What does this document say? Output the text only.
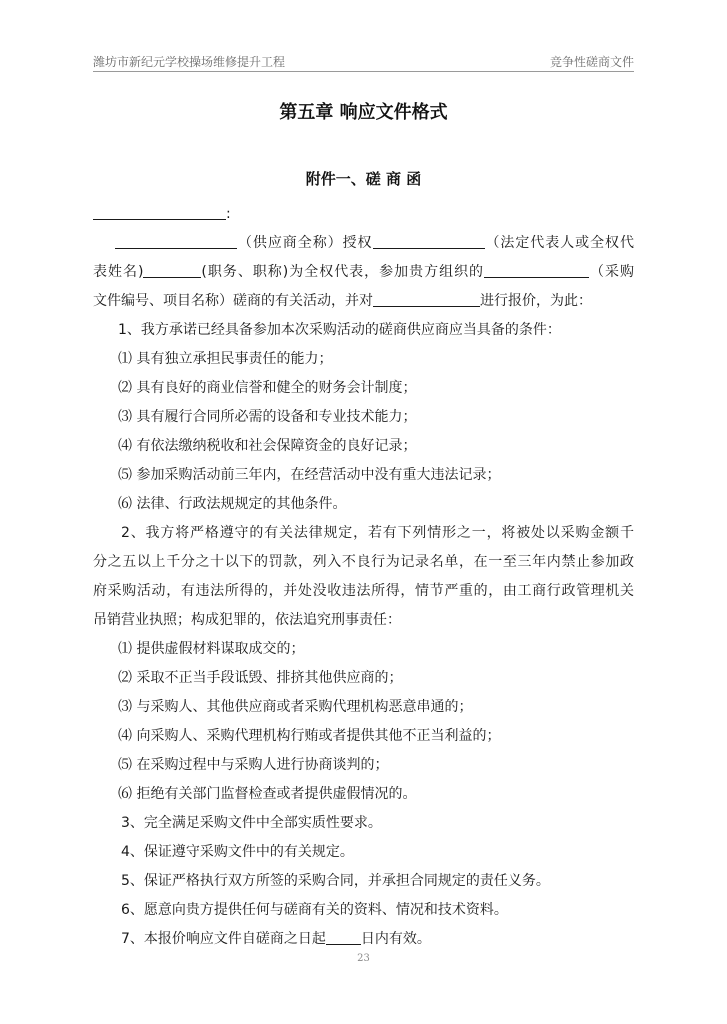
潍坊市新纪元学校操场维修提升工程	竞争性磋商文件
第五章 响应文件格式
附件一、磋 商 函
:
（供应商全称）授权	（法定代表人或全权代
表姓名)	(职务、职称)为全权代表，参加贵方组织的	（采购
文件编号、项目名称）磋商的有关活动，并对	进行报价，为此：
1、我方承诺已经具备参加本次采购活动的磋商供应商应当具备的条件：
⑴ 具有独立承担民事责任的能力；
⑵ 具有良好的商业信誉和健全的财务会计制度；
⑶ 具有履行合同所必需的设备和专业技术能力；
⑷ 有依法缴纳税收和社会保障资金的良好记录；
⑸ 参加采购活动前三年内，在经营活动中没有重大违法记录；
⑹ 法律、行政法规规定的其他条件。
2、我方将严格遵守的有关法律规定，若有下列情形之一，将被处以采购金额千
分之五以上千分之十以下的罚款，列入不良行为记录名单，在一至三年内禁止参加政
府采购活动，有违法所得的，并处没收违法所得，情节严重的，由工商行政管理机关
吊销营业执照；构成犯罪的，依法追究刑事责任：
⑴ 提供虚假材料谋取成交的；
⑵ 采取不正当手段诋毁、排挤其他供应商的；
⑶ 与采购人、其他供应商或者采购代理机构恶意串通的；
⑷ 向采购人、采购代理机构行贿或者提供其他不正当利益的；
⑸ 在采购过程中与采购人进行协商谈判的；
⑹ 拒绝有关部门监督检查或者提供虚假情况的。
3、完全满足采购文件中全部实质性要求。
4、保证遵守采购文件中的有关规定。
5、保证严格执行双方所签的采购合同，并承担合同规定的责任义务。
6、愿意向贵方提供任何与磋商有关的资料、情况和技术资料。
7、本报价响应文件自磋商之日起	日内有效。
23
